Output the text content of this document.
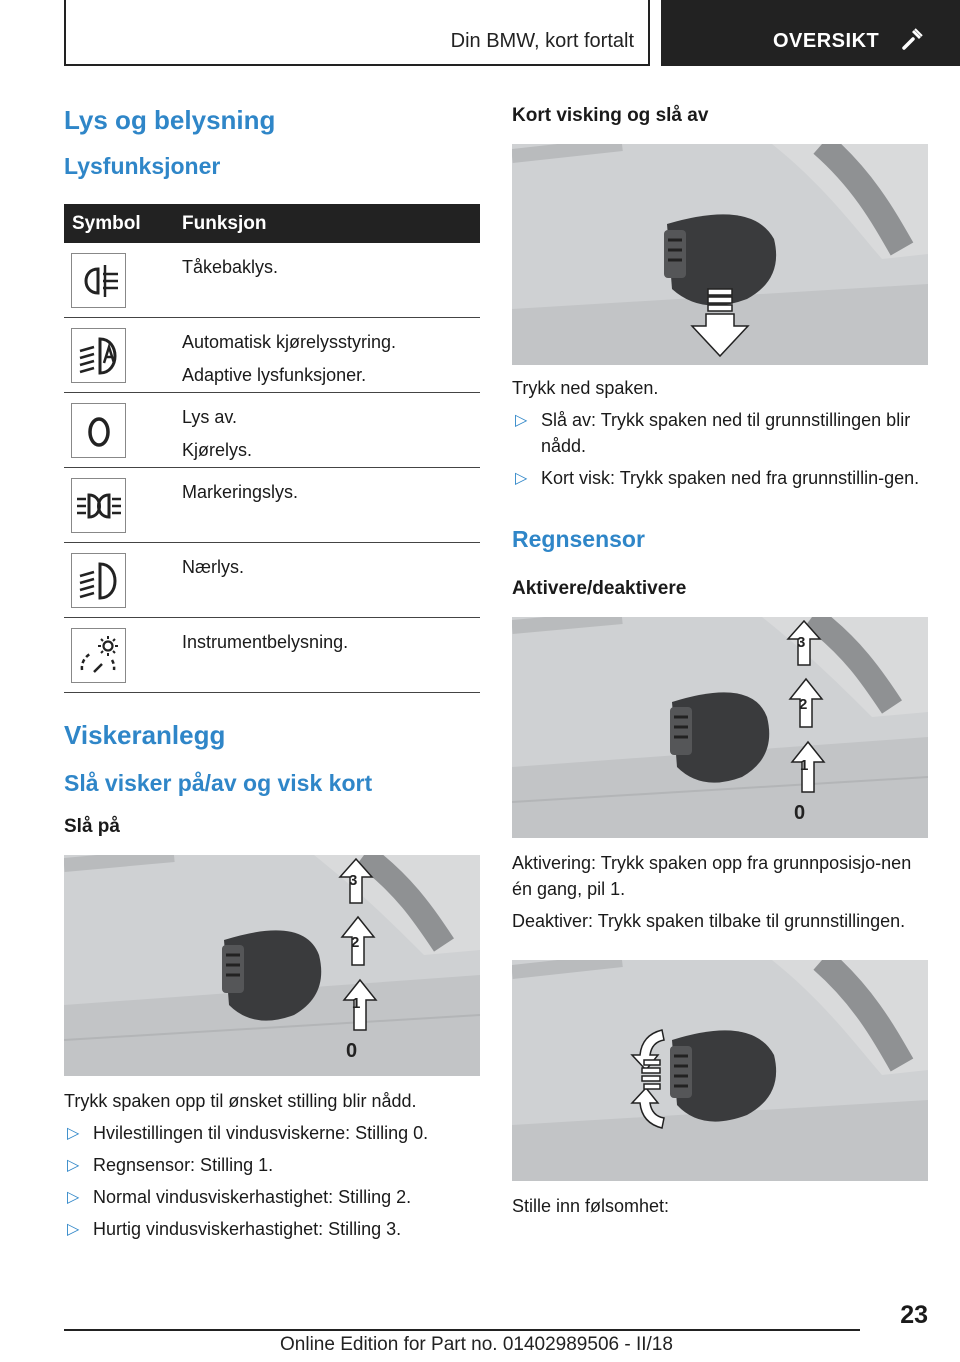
Din BMW, kort fortalt	OVERSIKT
Lys og belysning
Lysfunksjoner
Symbol Funksjon
Tåkebaklys.
Automatisk kjørelysstyring.
Adaptive lysfunksjoner.
Lys av.
Kjørelys.
Markeringslys.
Nærlys.
Instrumentbelysning.
Viskeranlegg
Slå visker på/av og visk kort
Slå på
1
2
3
0

Trykk spaken opp til ønsket stilling blir nådd.

▷ Hvilestillingen til vindusviskerne: Stilling 0.
▷ Regnsensor: Stilling 1.
▷ Normal vindusviskerhastighet: Stilling 2.
▷ Hurtig vindusviskerhastighet: Stilling 3.
Kort visking og slå av

Trykk ned spaken.

▷ Slå av: Trykk spaken ned til grunnstillingen blir nådd.
▷ Kort visk: Trykk spaken ned fra grunnstillin-gen.
Regnsensor
Aktivere/deaktivere
1
2
3
0

Aktivering: Trykk spaken opp fra grunnposisjo-nen én gang, pil 1.

Deaktiver: Trykk spaken tilbake til grunnstillingen.

Stille inn følsomhet:

23
Online Edition for Part no. 01402989506 - II/18
